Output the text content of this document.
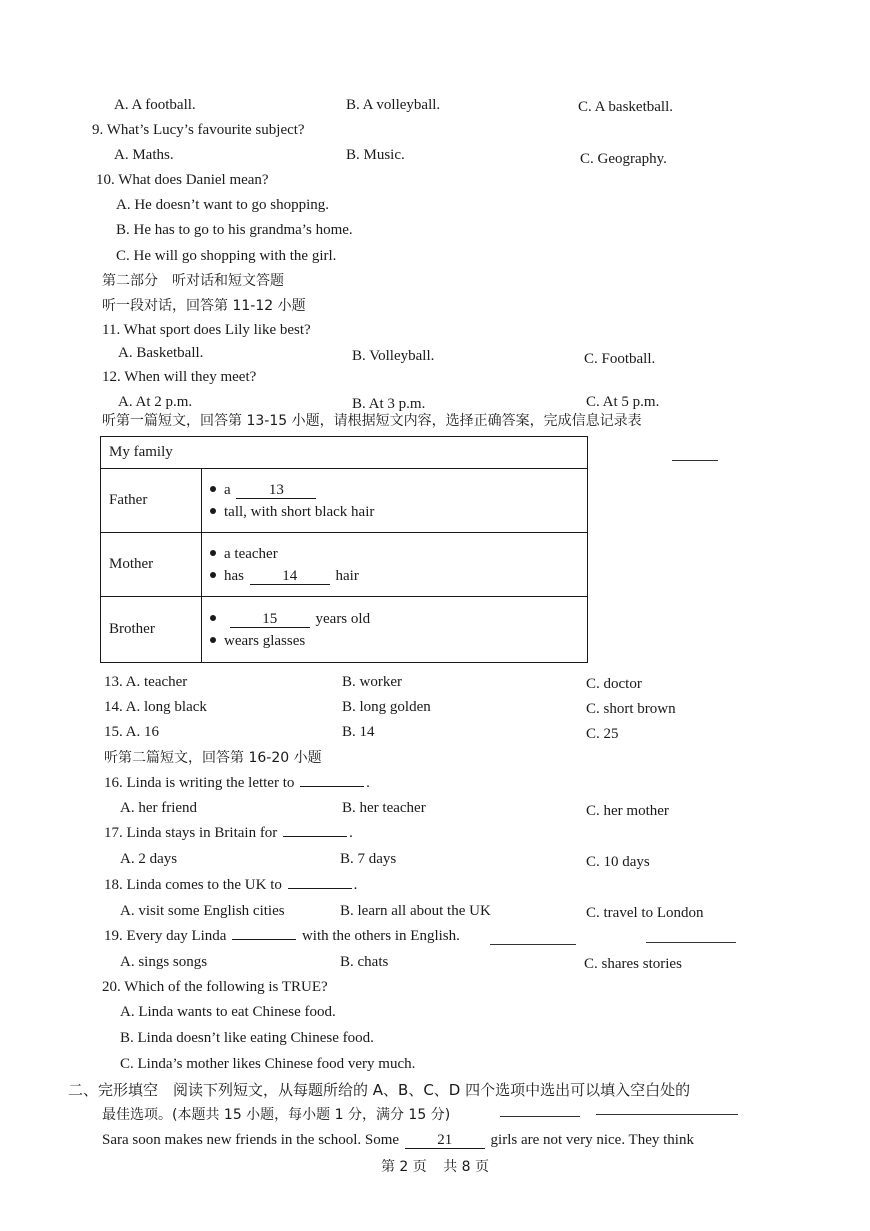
A. A football.	B. A volleyball.	C. A basketball.
9. What’s Lucy’s favourite subject?
A. Maths.	B. Music.	C. Geography.
10. What does Daniel mean?
A. He doesn’t want to go shopping.
B. He has to go to his grandma’s home.
C. He will go shopping with the girl.
第二部分　听对话和短文答题
听一段对话，回答第 11-12 小题
11. What sport does Lily like best?
A. Basketball.	B. Volleyball.	C. Football.
12. When will they meet?
A. At 2 p.m.	B. At 3 p.m.	C. At 5 p.m.
听第一篇短文，回答第 13-15 小题，请根据短文内容，选择正确答案，完成信息记录表
My family	
Father	a 13
tall, with short black hair

Mother	a teacher
has 14 hair

Brother	15 years old
wears glasses
13. A. teacher	B. worker	C. doctor
14. A. long black	B. long golden	C. short brown
15. A. 16	B. 14	C. 25
听第二篇短文，回答第 16-20 小题
16. Linda is writing the letter to	.
A. her friend	B. her teacher	C. her mother
17. Linda stays in Britain for	.
A. 2 days	B. 7 days	C. 10 days
18. Linda comes to the UK to	.
A. visit some English cities	B. learn all about the UK	C. travel to London
19. Every day Linda	with the others in English.
A. sings songs	B. chats	C. shares stories
20. Which of the following is TRUE?
A. Linda wants to eat Chinese food.
B. Linda doesn’t like eating Chinese food.
C. Linda’s mother likes Chinese food very much.
二、完形填空　阅读下列短文，从每题所给的 A、B、C、D 四个选项中选出可以填入空白处的
最佳选项。(本题共 15 小题，每小题 1 分，满分 15 分)
Sara soon makes new friends in the school. Some	21	girls are not very nice. They think
第 2 页 共 8 页
